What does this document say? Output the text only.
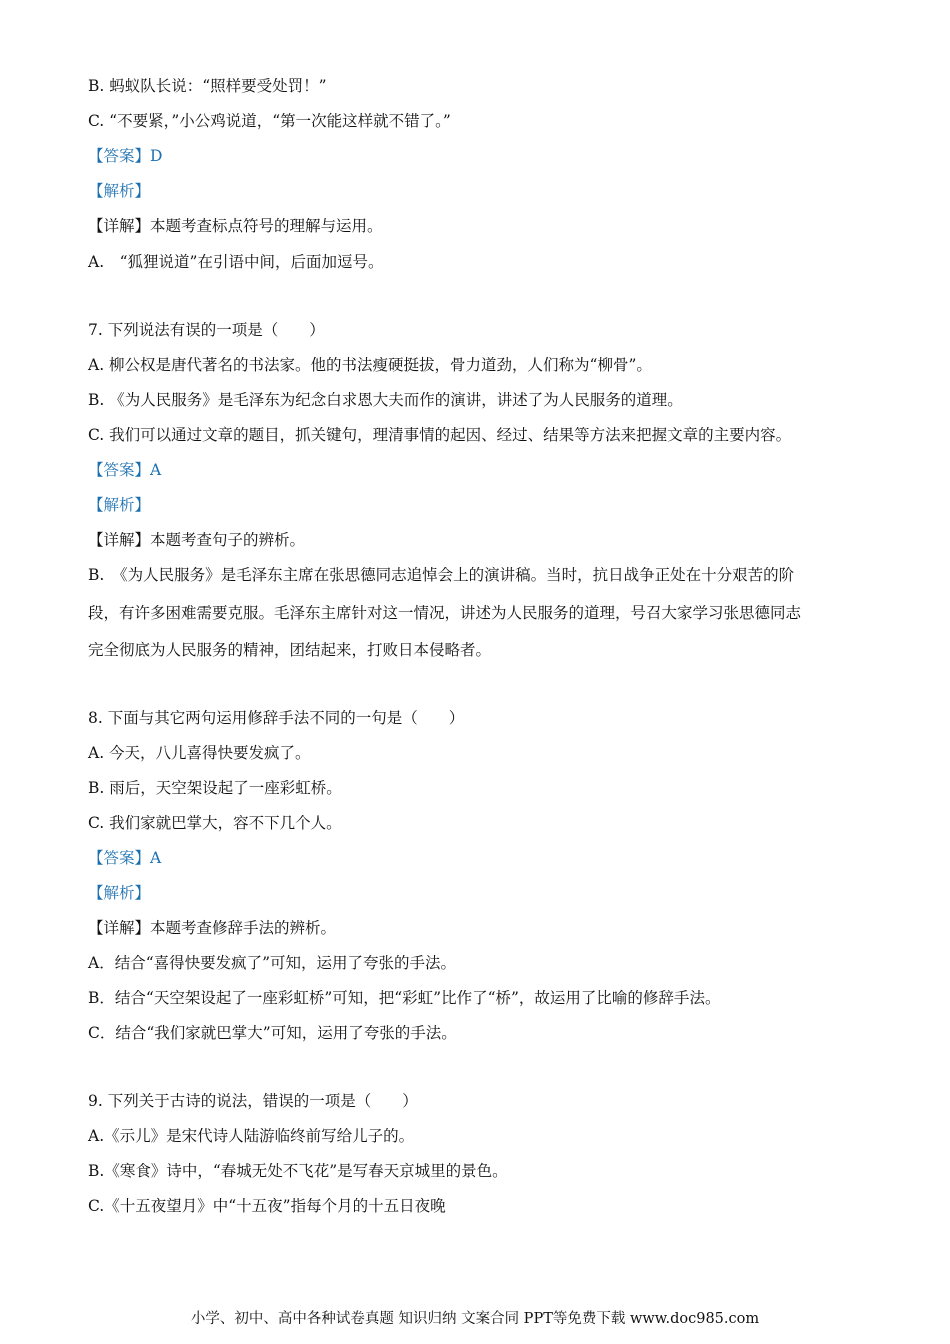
B. 蚂蚁队长说：“照样要受处罚！”
C. “不要紧，”小公鸡说道，“第一次能这样就不错了。”
【答案】D
【解析】
【详解】本题考查标点符号的理解与运用。
A.　“狐狸说道”在引语中间，后面加逗号。
7. 下列说法有误的一项是（　　）
A. 柳公权是唐代著名的书法家。他的书法瘦硬挺拔，骨力道劲，人们称为“柳骨”。
B. 《为人民服务》是毛泽东为纪念白求恩大夫而作的演讲，讲述了为人民服务的道理。
C. 我们可以通过文章的题目，抓关键句，理清事情的起因、经过、结果等方法来把握文章的主要内容。
【答案】A
【解析】
【详解】本题考查句子的辨析。
B.　《为人民服务》是毛泽东主席在张思德同志追悼会上的演讲稿。当时，抗日战争正处在十分艰苦的阶
段，有许多困难需要克服。毛泽东主席针对这一情况，讲述为人民服务的道理，号召大家学习张思德同志
完全彻底为人民服务的精神，团结起来，打败日本侵略者。
8. 下面与其它两句运用修辞手法不同的一句是（　　）
A. 今天，八儿喜得快要发疯了。
B. 雨后，天空架设起了一座彩虹桥。
C. 我们家就巴掌大，容不下几个人。
【答案】A
【解析】
【详解】本题考查修辞手法的辨析。
A．结合“喜得快要发疯了”可知，运用了夸张的手法。
B．结合“天空架设起了一座彩虹桥”可知，把“彩虹”比作了“桥”，故运用了比喻的修辞手法。
C．结合“我们家就巴掌大”可知，运用了夸张的手法。
9. 下列关于古诗的说法，错误的一项是（　　）
A.《示儿》是宋代诗人陆游临终前写给儿子的。
B.《寒食》诗中，“春城无处不飞花”是写春天京城里的景色。
C.《十五夜望月》中“十五夜”指每个月的十五日夜晚
小学、初中、高中各种试卷真题 知识归纳 文案合同 PPT等免费下载 www.doc985.com
